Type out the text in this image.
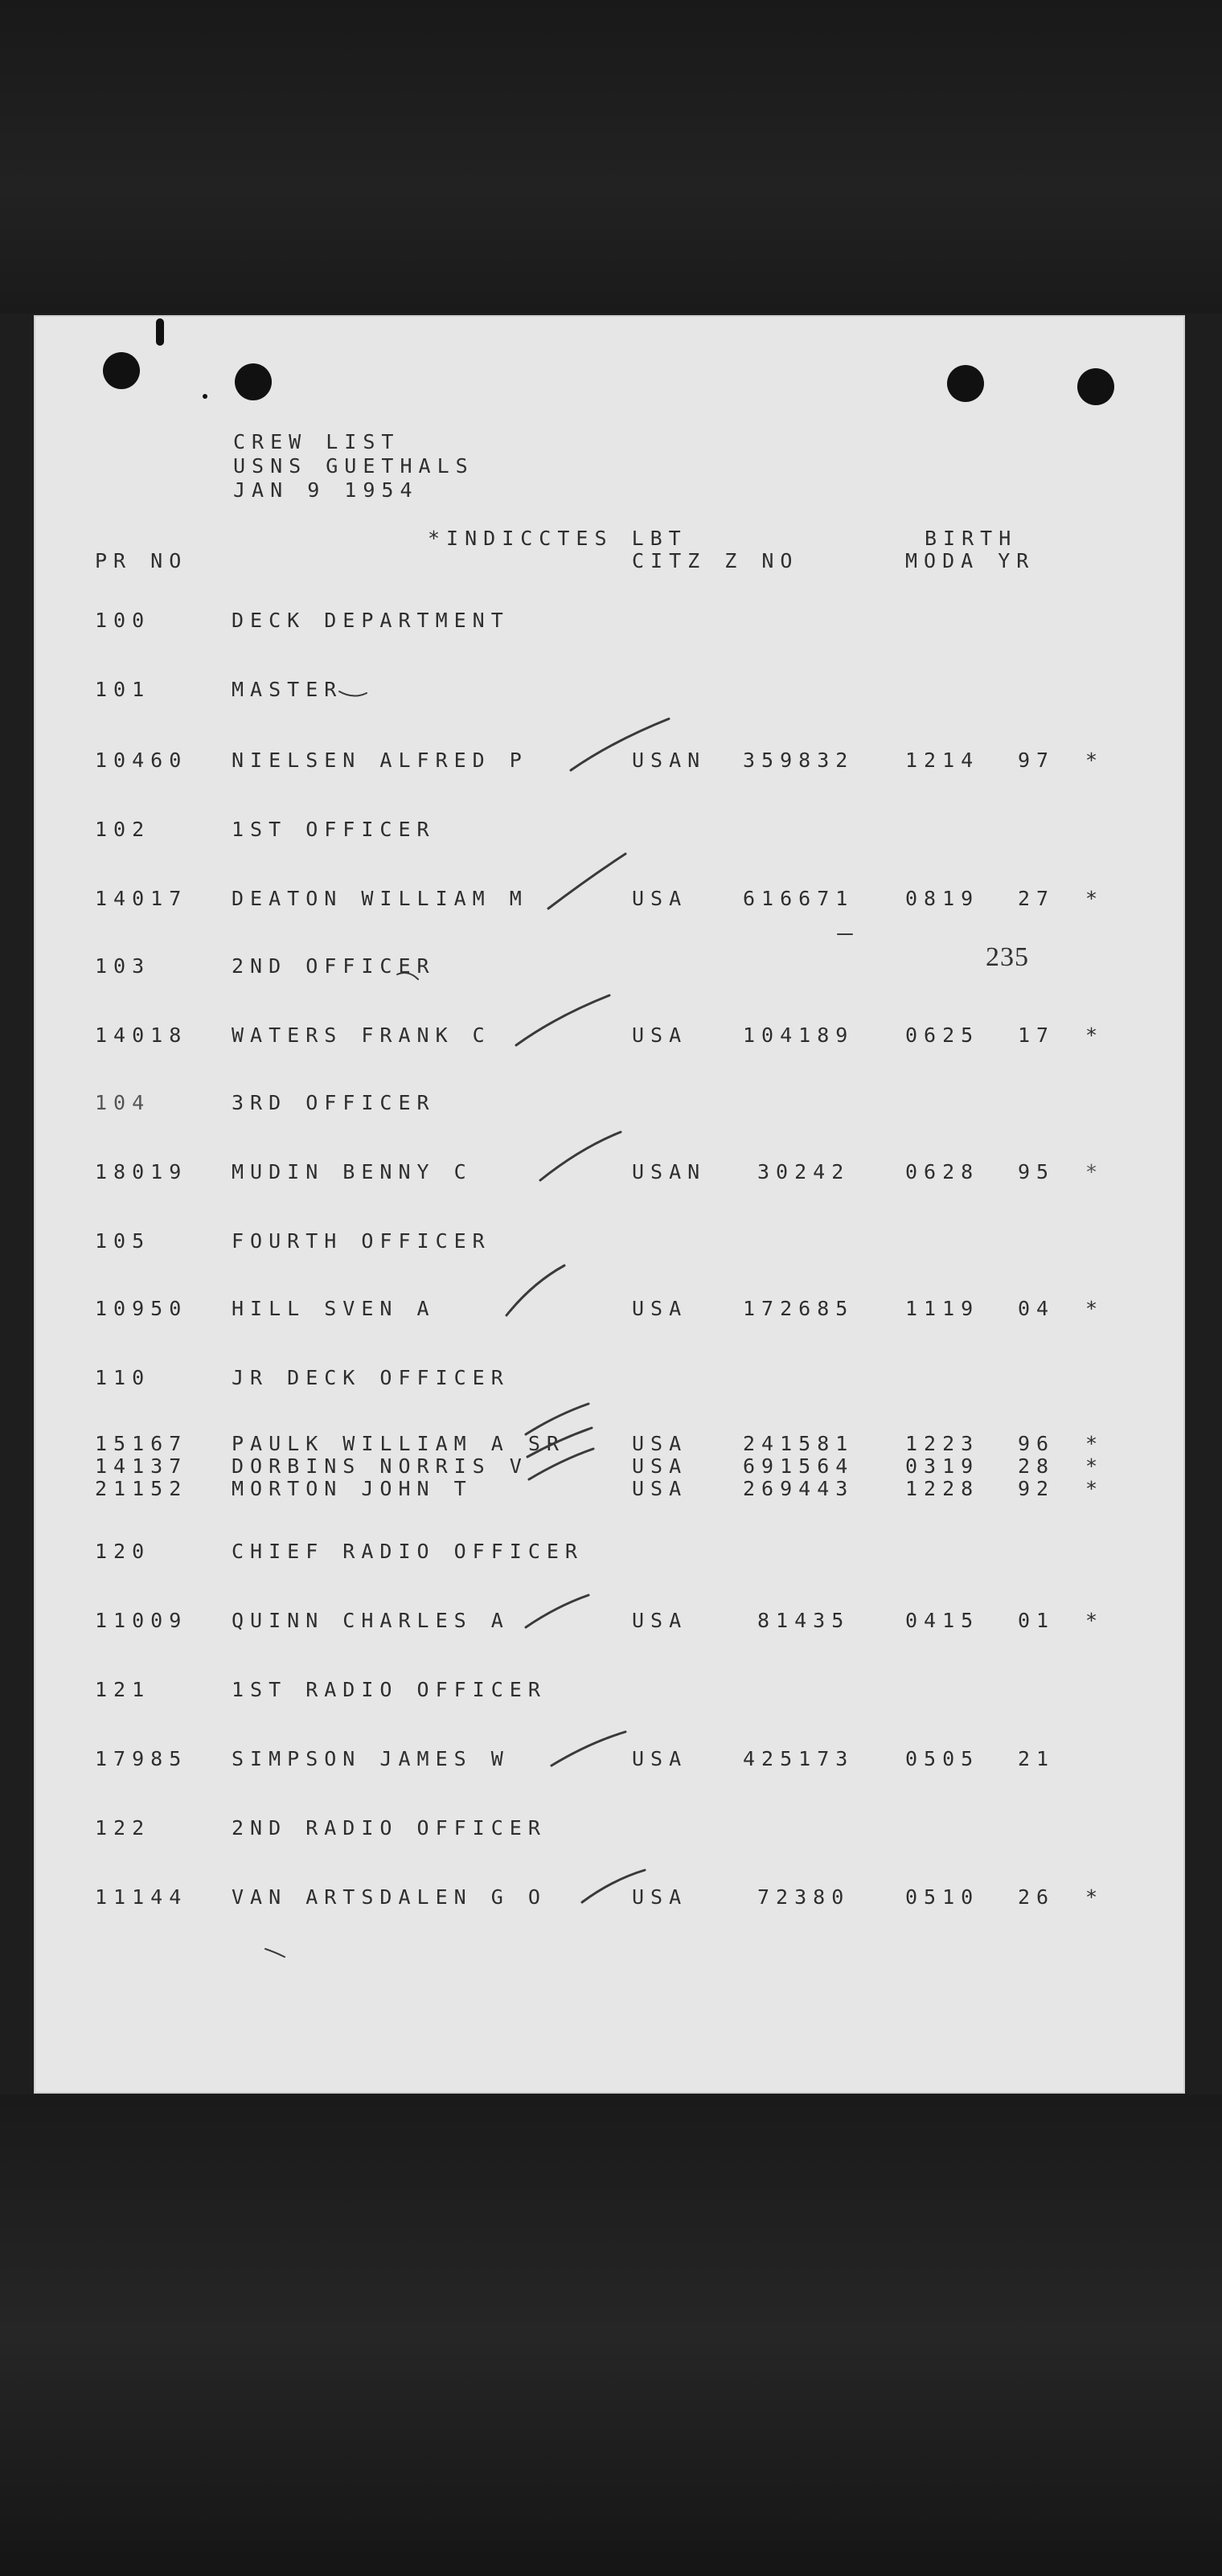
CREW LIST
USNS GUETHALS
JAN 9 1954
*INDICCTES LBT	BIRTH
PR NO	CITZ Z NO	MODA YR
100	DECK DEPARTMENT
101	MASTER
10460 NIELSEN ALFRED P	USAN 359832	1214 97 *
102	1ST OFFICER
14017 DEATON WILLIAM M	USA	616671	0819 27 *
103	2ND OFFICER	235
14018 WATERS FRANK C	USA	104189	0625 17 *
104	3RD OFFICER
18019 MUDIN BENNY C	USAN	30242	0628 95 *
105	FOURTH OFFICER
10950 HILL SVEN A	USA	172685	1119 04 *
110	JR DECK OFFICER
15167 PAULK WILLIAM A SR	USA	241581	1223 96 *
14137 DORBINS NORRIS V	USA	691564	0319 28 *
21152 MORTON JOHN T	USA	269443	1228 92 *
120	CHIEF RADIO OFFICER
11009 QUINN CHARLES A	USA	81435	0415 01 *
121	1ST RADIO OFFICER
17985 SIMPSON JAMES W	USA	425173	0505 21
122	2ND RADIO OFFICER
11144 VAN ARTSDALEN G O	USA	72380	0510 26 *
